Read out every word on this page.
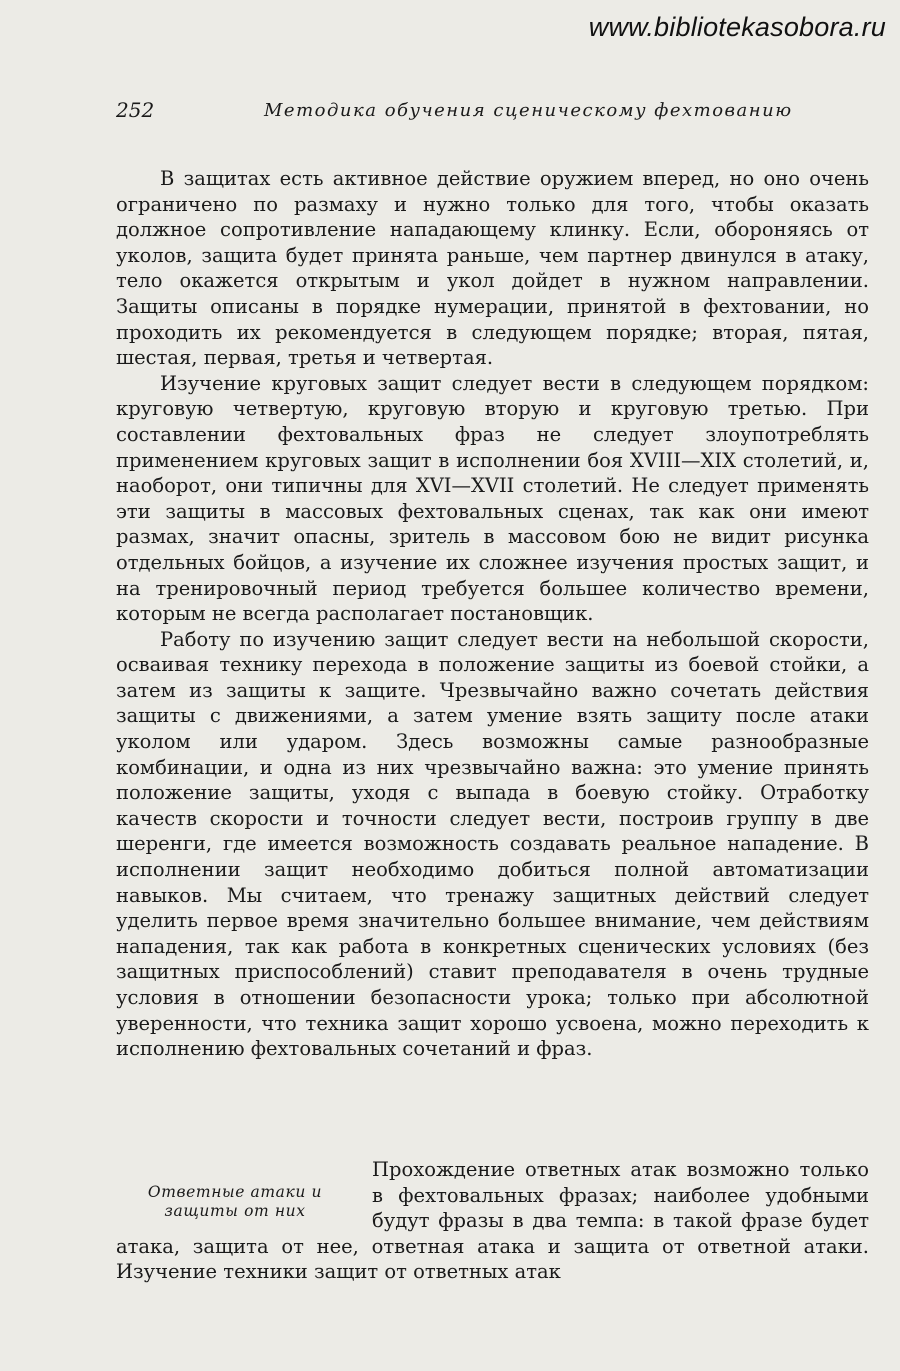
www.bibliotekasobora.ru
252	Методика обучения сценическому фехтованию

В защитах есть активное действие оружием вперед, но оно очень ограничено по размаху и нужно только для того, чтобы оказать должное сопротивление нападающему клинку. Если, обороняясь от уколов, защита будет принята раньше, чем партнер двинулся в атаку, тело окажется открытым и укол дойдет в нужном направлении. Защиты описаны в порядке нумерации, принятой в фехтовании, но проходить их рекомендуется в следующем порядке; вторая, пятая, шестая, первая, третья и четвертая.

Изучение круговых защит следует вести в следующем порядком: круговую четвертую, круговую вторую и круговую третью. При составлении фехтовальных фраз не следует злоупотреблять применением круговых защит в исполнении боя XVIII—XIX столетий, и, наоборот, они типичны для XVI—XVII столетий. Не следует применять эти защиты в массовых фехтовальных сценах, так как они имеют размах, значит опасны, зритель в массовом бою не видит рисунка отдельных бойцов, а изучение их сложнее изучения простых защит, и на тренировочный период требуется большее количество времени, которым не всегда располагает постановщик.

Работу по изучению защит следует вести на небольшой скорости, осваивая технику перехода в положение защиты из боевой стойки, а затем из защиты к защите. Чрезвычайно важно сочетать действия защиты с движениями, а затем умение взять защиту после атаки уколом или ударом. Здесь возможны самые разнообразные комбинации, и одна из них чрезвычайно важна: это умение принять положение защиты, уходя с выпада в боевую стойку. Отработку качеств скорости и точности следует вести, построив группу в две шеренги, где имеется возможность создавать реальное нападение. В исполнении защит необходимо добиться полной автоматизации навыков. Мы считаем, что тренажу защитных действий следует уделить первое время значительно большее внимание, чем действиям нападения, так как работа в конкретных сценических условиях (без защитных приспособлений) ставит преподавателя в очень трудные условия в отношении безопасности урока; только при абсолютной уверенности, что техника защит хорошо усвоена, можно переходить к исполнению фехтовальных сочетаний и фраз.

Ответные атаки и защиты от них

Прохождение ответных атак возможно только в фехтовальных фразах; наиболее удобными будут фразы в два темпа: в такой фразе будет атака, защита от нее, ответная атака и защита от ответной атаки. Изучение техники защит от ответных атак
